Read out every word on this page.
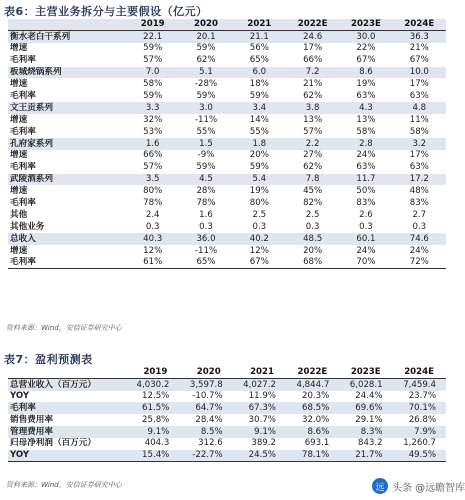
表6：主营业务拆分与主要假设（亿元）
	2019	2020	2021	2022E	2023E	2024E
衡水老白干系列	22.1	20.1	21.1	24.6	30.0	36.3
增速	59%	59%	56%	17%	22%	21%
毛利率	57%	62%	65%	66%	67%	67%
板城烧锅系列	7.0	5.1	6.0	7.2	8.6	10.0
增速	58%	-28%	18%	21%	19%	17%
毛利率	59%	59%	59%	62%	63%	63%
文王贡系列	3.3	3.0	3.4	3.8	4.3	4.8
增速	32%	-11%	14%	13%	13%	11%
毛利率	53%	55%	55%	57%	58%	58%
孔府家系列	1.6	1.5	1.8	2.2	2.8	3.2
增速	66%	-9%	20%	27%	24%	17%
毛利率	57%	59%	59%	62%	63%	63%
武陵酒系列	3.5	4.5	5.4	7.8	11.7	17.2
增速	80%	28%	19%	45%	50%	48%
毛利率	78%	78%	80%	82%	83%	83%
其他	2.4	1.6	2.5	2.5	2.6	2.7
其他业务	0.3	0.3	0.3	0.3	0.3	0.3
总收入	40.3	36.0	40.2	48.5	60.1	74.6
增速	12%	-11%	12%	20%	24%	24%
毛利率	61%	65%	67%	68%	70%	72%
资料来源：Wind，安信证券研究中心
表7：盈利预测表
	2019	2020	2021	2022E	2023E	2024E
总营业收入（百万元）	4,030.2	3,597.8	4,027.2	4,844.7	6,028.1	7,459.4
YOY	12.5%	-10.7%	11.9%	20.3%	24.4%	23.7%
毛利率	61.5%	64.7%	67.3%	68.5%	69.6%	70.1%
销售费用率	25.8%	28.4%	30.7%	32.0%	29.1%	26.8%
管理费用率	9.1%	8.5%	9.1%	8.6%	8.3%	7.9%
归母净利润（百万元）	404.3	312.6	389.2	693.1	843.2	1,260.7
YOY	15.4%	-22.7%	24.5%	78.1%	21.7%	49.5%
资料来源：Wind，安信证券研究中心	远 头条 @远瞻智库
